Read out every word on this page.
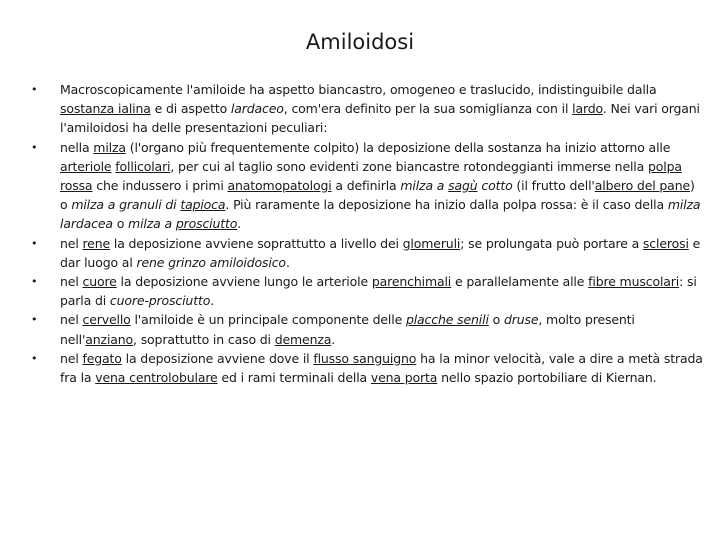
Amiloidosi
• Macroscopicamente l'amiloide ha aspetto biancastro, omogeneo e traslucido, indistinguibile dalla sostanza ialina e di aspetto lardaceo, com'era definito per la sua somiglianza con il lardo. Nei vari organi l'amiloidosi ha delle presentazioni peculiari:
• nella milza (l'organo più frequentemente colpito) la deposizione della sostanza ha inizio attorno alle arteriole follicolari, per cui al taglio sono evidenti zone biancastre rotondeggianti immerse nella polpa rossa che indussero i primi anatomopatologi a definirla milza a sagù cotto (il frutto dell'albero del pane) o milza a granuli di tapioca. Più raramente la deposizione ha inizio dalla polpa rossa: è il caso della milza lardacea o milza a prosciutto.
• nel rene la deposizione avviene soprattutto a livello dei glomeruli; se prolungata può portare a sclerosi e dar luogo al rene grinzo amiloidosico.
• nel cuore la deposizione avviene lungo le arteriole parenchimali e parallelamente alle fibre muscolari: si parla di cuore-prosciutto.
• nel cervello l'amiloide è un principale componente delle placche senili o druse, molto presenti nell'anziano, soprattutto in caso di demenza.
• nel fegato la deposizione avviene dove il flusso sanguigno ha la minor velocità, vale a dire a metà strada fra la vena centrolobulare ed i rami terminali della vena porta nello spazio portobiliare di Kiernan.
